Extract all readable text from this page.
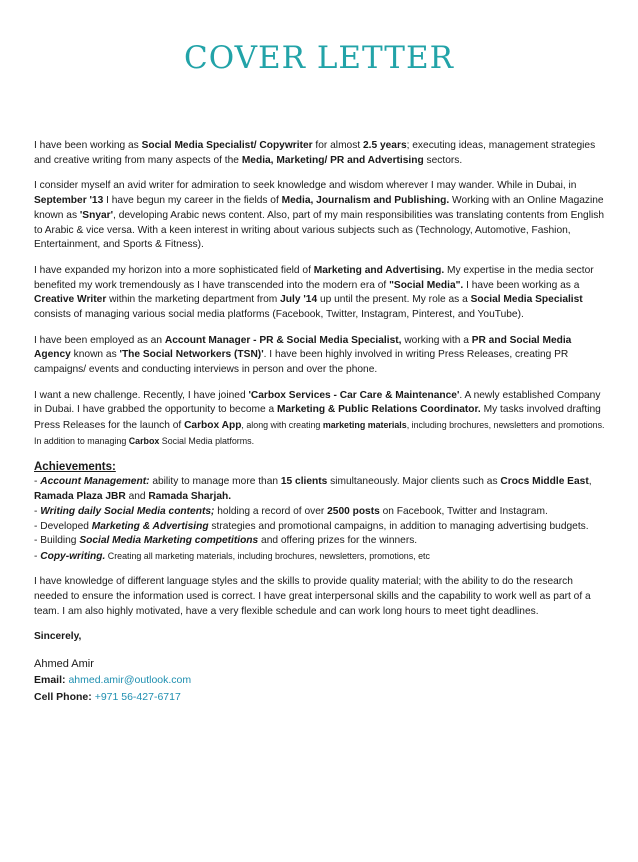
COVER LETTER

I have been working as Social Media Specialist/ Copywriter for almost 2.5 years; executing ideas, management strategies and creative writing from many aspects of the Media, Marketing/ PR and Advertising sectors.

I consider myself an avid writer for admiration to seek knowledge and wisdom wherever I may wander. While in Dubai, in September '13 I have begun my career in the fields of Media, Journalism and Publishing. Working with an Online Magazine known as 'Snyar', developing Arabic news content. Also, part of my main responsibilities was translating contents from English to Arabic & vice versa. With a keen interest in writing about various subjects such as (Technology, Automotive, Fashion, Entertainment, and Sports & Fitness).

I have expanded my horizon into a more sophisticated field of Marketing and Advertising. My expertise in the media sector benefited my work tremendously as I have transcended into the modern era of "Social Media". I have been working as a Creative Writer within the marketing department from July '14 up until the present. My role as a Social Media Specialist consists of managing various social media platforms (Facebook, Twitter, Instagram, Pinterest, and YouTube).

I have been employed as an Account Manager - PR & Social Media Specialist, working with a PR and Social Media Agency known as 'The Social Networkers (TSN)'. I have been highly involved in writing Press Releases, creating PR campaigns/ events and conducting interviews in person and over the phone.

I want a new challenge. Recently, I have joined 'Carbox Services - Car Care & Maintenance'. A newly established Company in Dubai. I have grabbed the opportunity to become a Marketing & Public Relations Coordinator. My tasks involved drafting Press Releases for the launch of Carbox App, along with creating marketing materials, including brochures, newsletters and promotions. In addition to managing Carbox Social Media platforms.

Achievements:
- Account Management: ability to manage more than 15 clients simultaneously. Major clients such as Crocs Middle East, Ramada Plaza JBR and Ramada Sharjah.
- Writing daily Social Media contents; holding a record of over 2500 posts on Facebook, Twitter and Instagram.
- Developed Marketing & Advertising strategies and promotional campaigns, in addition to managing advertising budgets.
- Building Social Media Marketing competitions and offering prizes for the winners.
- Copy-writing. Creating all marketing materials, including brochures, newsletters, promotions, etc

I have knowledge of different language styles and the skills to provide quality material; with the ability to do the research needed to ensure the information used is correct. I have great interpersonal skills and the capability to work well as part of a team. I am also highly motivated, have a very flexible schedule and can work long hours to meet tight deadlines.

Sincerely,

Ahmed Amir
Email: ahmed.amir@outlook.com
Cell Phone: +971 56-427-6717
